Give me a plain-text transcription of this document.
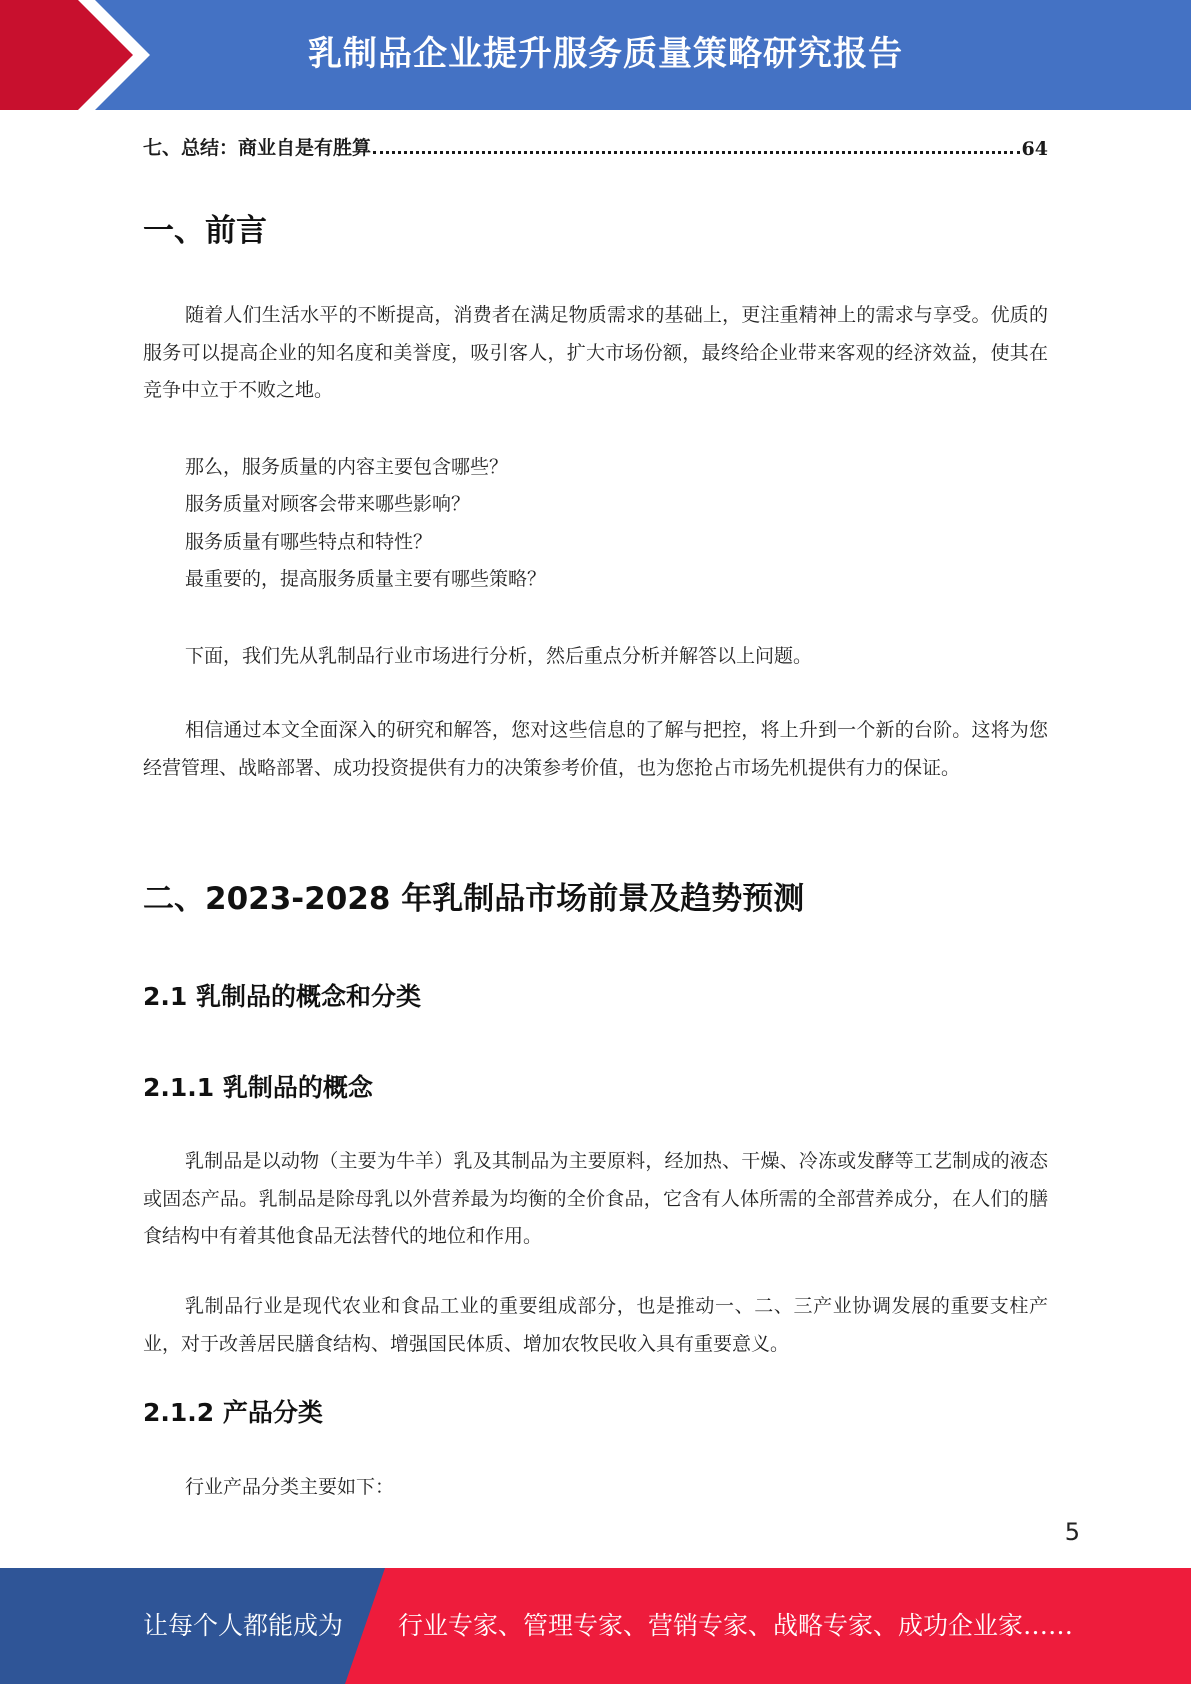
乳制品企业提升服务质量策略研究报告
七、总结：商业自是有胜算	64
一、前言

随着人们生活水平的不断提高，消费者在满足物质需求的基础上，更注重精神上的需求与享受。优质的服务可以提高企业的知名度和美誉度，吸引客人，扩大市场份额，最终给企业带来客观的经济效益，使其在竞争中立于不败之地。

那么，服务质量的内容主要包含哪些？

服务质量对顾客会带来哪些影响？

服务质量有哪些特点和特性？

最重要的，提高服务质量主要有哪些策略？

下面，我们先从乳制品行业市场进行分析，然后重点分析并解答以上问题。

相信通过本文全面深入的研究和解答，您对这些信息的了解与把控，将上升到一个新的台阶。这将为您经营管理、战略部署、成功投资提供有力的决策参考价值，也为您抢占市场先机提供有力的保证。

二、2023-2028 年乳制品市场前景及趋势预测
2.1 乳制品的概念和分类
2.1.1 乳制品的概念

乳制品是以动物（主要为牛羊）乳及其制品为主要原料，经加热、干燥、冷冻或发酵等工艺制成的液态或固态产品。乳制品是除母乳以外营养最为均衡的全价食品，它含有人体所需的全部营养成分，在人们的膳食结构中有着其他食品无法替代的地位和作用。

乳制品行业是现代农业和食品工业的重要组成部分，也是推动一、二、三产业协调发展的重要支柱产业，对于改善居民膳食结构、增强国民体质、增加农牧民收入具有重要意义。

2.1.2 产品分类

行业产品分类主要如下：

5
让每个人都能成为 行业专家、管理专家、营销专家、战略专家、成功企业家……
